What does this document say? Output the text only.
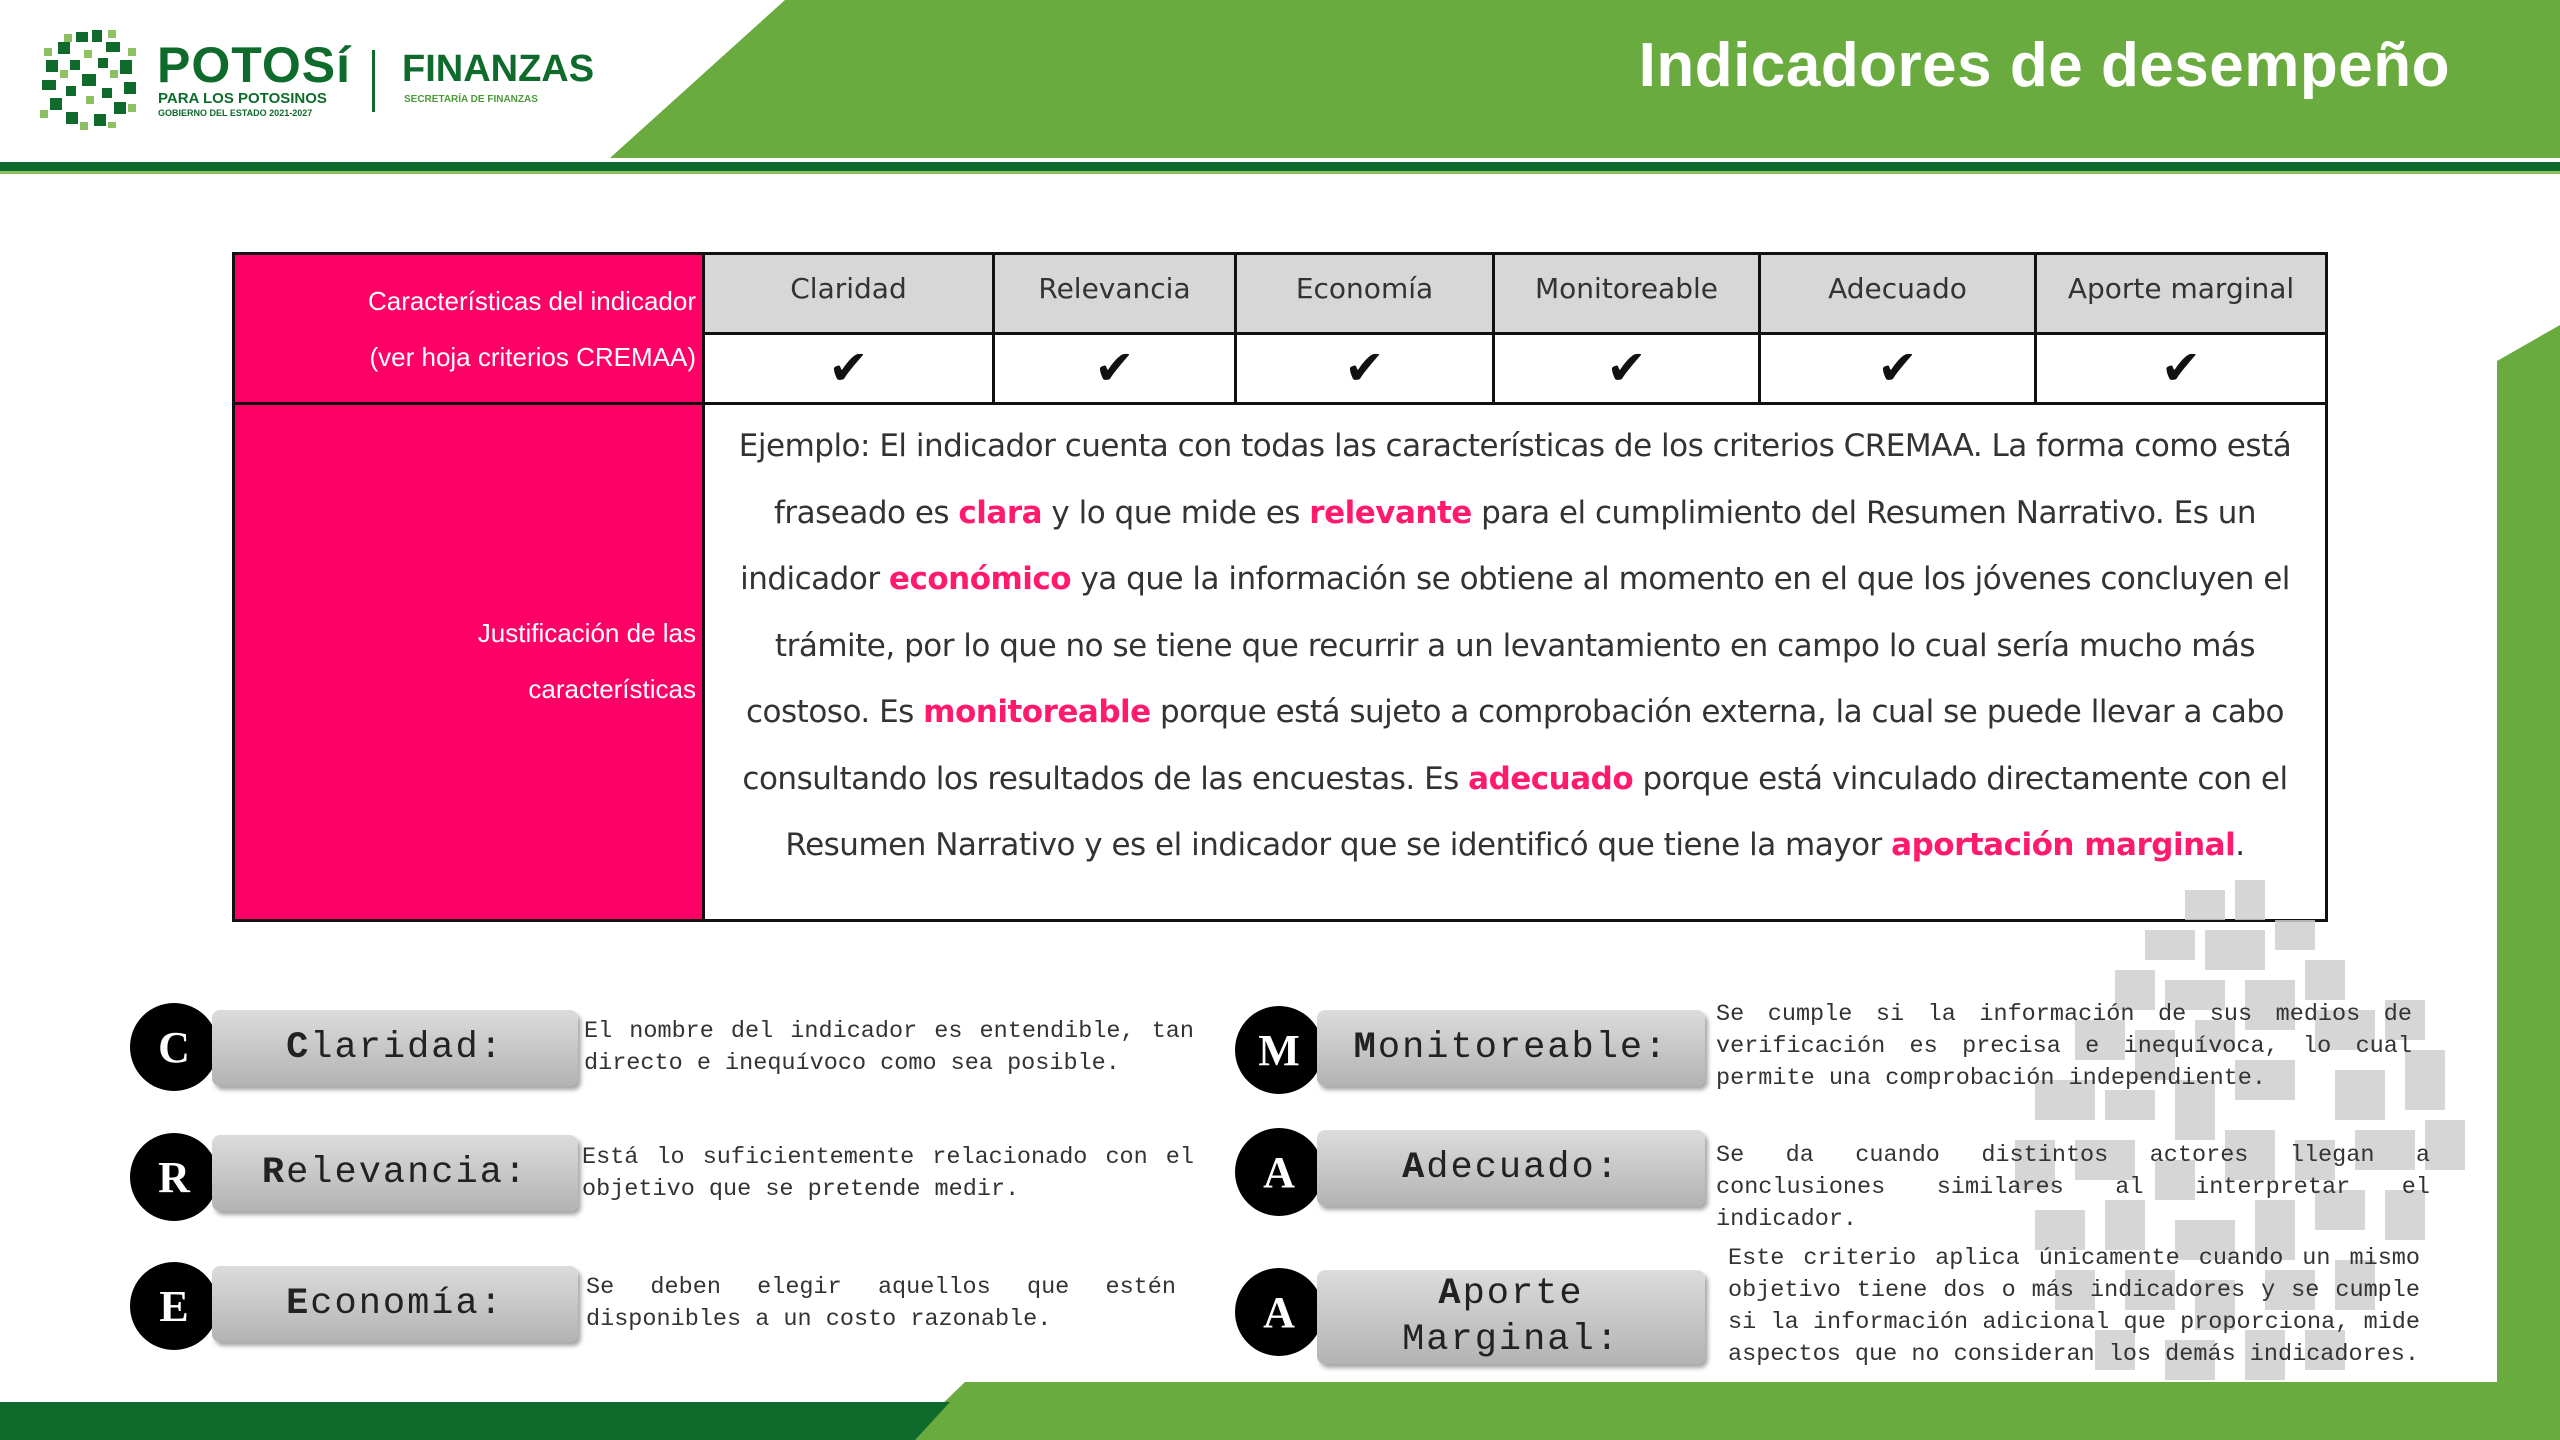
Indicadores de desempeño
POTOSí
PARA LOS POTOSINOS
GOBIERNO DEL ESTADO 2021-2027
FINANZAS
SECRETARÍA DE FINANZAS
Características del indicador
(ver hoja criterios CREMAA)
Claridad	Relevancia	Economía	Monitoreable	Adecuado	Aporte marginal
✔	✔	✔	✔	✔	✔
Justificación de las
características
Ejemplo: El indicador cuenta con todas las características de los criterios CREMAA. La forma como está fraseado es clara y lo que mide es relevante para el cumplimiento del Resumen Narrativo. Es un indicador económico ya que la información se obtiene al momento en el que los jóvenes concluyen el trámite, por lo que no se tiene que recurrir a un levantamiento en campo lo cual sería mucho más costoso. Es monitoreable porque está sujeto a comprobación externa, la cual se puede llevar a cabo consultando los resultados de las encuestas. Es adecuado porque está vinculado directamente con el Resumen Narrativo y es el indicador que se identificó que tiene la mayor aportación marginal.
C	C laridad:	El nombre del indicador es entendible, tan directo e inequívoco como sea posible.
R	R elevancia: Está lo suficientemente relacionado con el objetivo que se pretende medir.
E	E conomía:	Se deben elegir aquellos que estén disponibles a un costo razonable.
M	M onitoreable:
Se cumple si la información de sus medios de verificación es precisa e inequívoca, lo cual permite una comprobación independiente.
A	A decuado:	Se da cuando distintos actores llegan a conclusiones similares al interpretar el indicador.
A	Aporte
Marginal:
Este criterio aplica únicamente cuando un mismo objetivo tiene dos o más indicadores y se cumple si la información adicional que proporciona, mide aspectos que no consideran los demás indicadores.
